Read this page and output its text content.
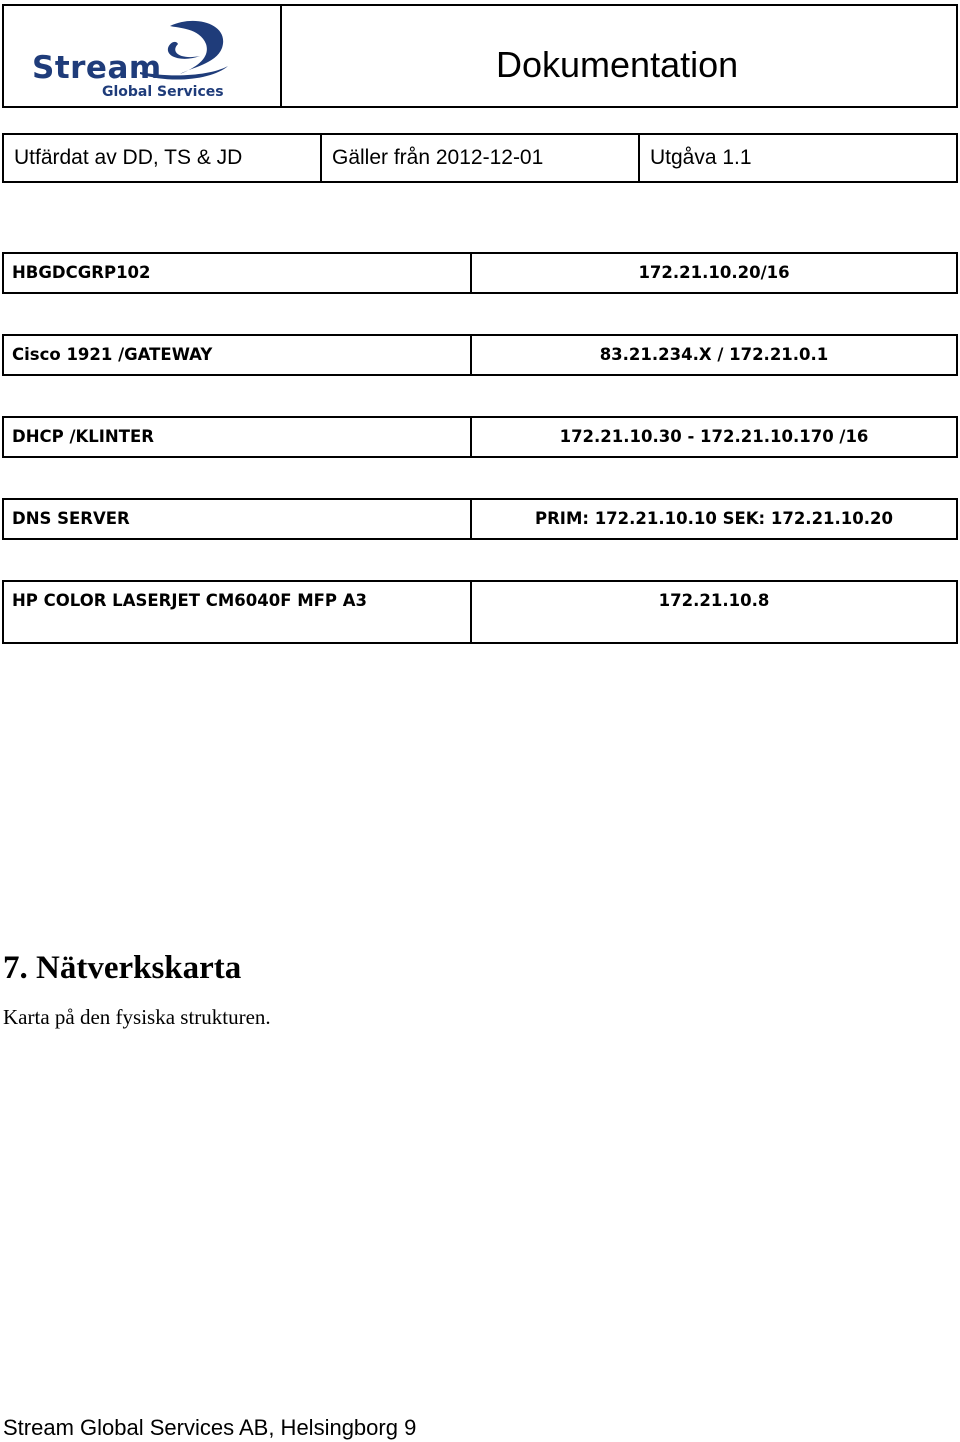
Stream
Global Services
Dokumentation
Utfärdat av DD, TS & JD	Gäller från 2012-12-01	Utgåva 1.1
HBGDCGRP102	172.21.10.20/16
Cisco 1921 /GATEWAY	83.21.234.X / 172.21.0.1
DHCP /KLINTER	172.21.10.30 - 172.21.10.170 /16
DNS SERVER	PRIM: 172.21.10.10 SEK: 172.21.10.20
HP COLOR LASERJET CM6040F MFP A3	172.21.10.8
7. Nätverkskarta
Karta på den fysiska strukturen.
Stream Global Services AB, Helsingborg 9
